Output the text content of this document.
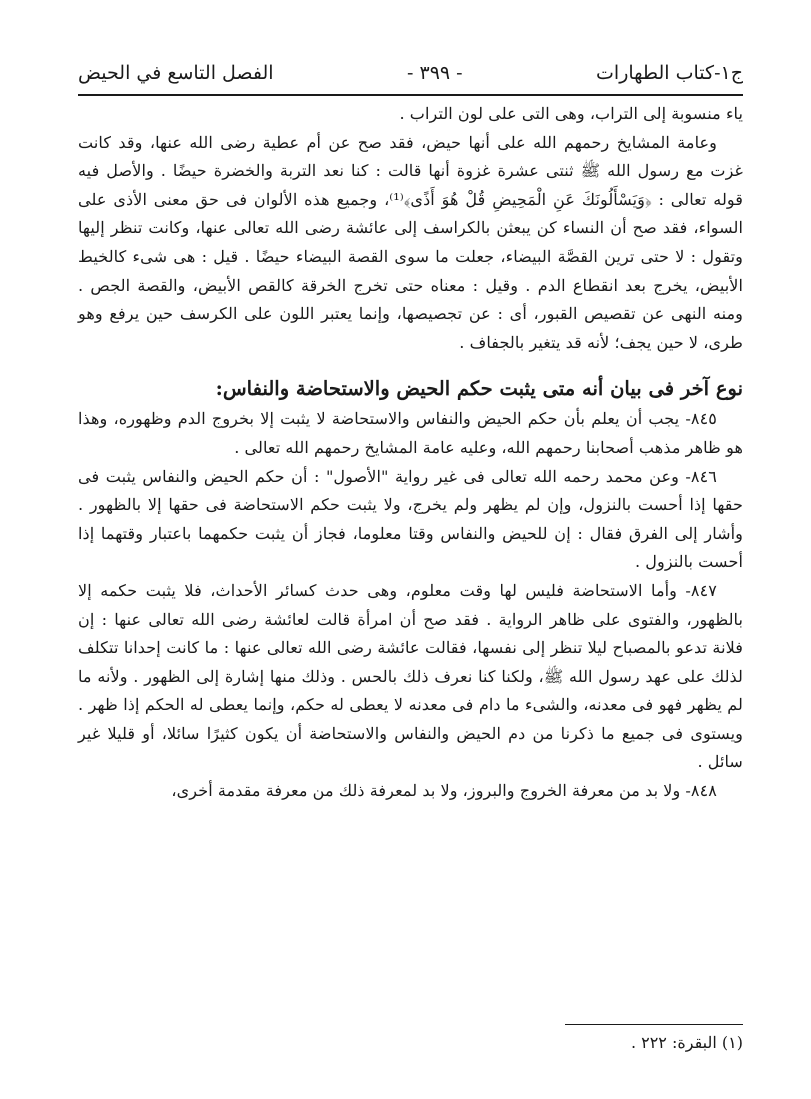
ج١-كتاب الطهارات
- ٣٩٩ -
الفصل التاسع في الحيض

ياء منسوبة إلى التراب، وهى التى على لون التراب .

وعامة المشايخ رحمهم الله على أنها حيض، فقد صح عن أم عطية رضى الله عنها، وقد كانت غزت مع رسول الله ﷺ ثنتى عشرة غزوة أنها قالت : كنا نعد التربة والخضرة حيضًا . والأصل فيه قوله تعالى : ﴿وَيَسْأَلُونَكَ عَنِ الْمَحِيضِ قُلْ هُوَ أَذًى﴾⁽¹⁾، وجميع هذه الألوان فى حق معنى الأذى على السواء، فقد صح أن النساء كن يبعثن بالكراسف إلى عائشة رضى الله تعالى عنها، وكانت تنظر إليها وتقول : لا حتى ترين القصَّة البيضاء، جعلت ما سوى القصة البيضاء حيضًا . قيل : هى شىء كالخيط الأبيض، يخرج بعد انقطاع الدم . وقيل : معناه حتى تخرج الخرقة كالقص الأبيض، والقصة الجص . ومنه النهى عن تقصيص القبور، أى : عن تجصيصها، وإنما يعتبر اللون على الكرسف حين يرفع وهو طرى، لا حين يجف؛ لأنه قد يتغير بالجفاف .

نوع آخر فى بيان أنه متى يثبت حكم الحيض والاستحاضة والنفاس:

٨٤٥- يجب أن يعلم بأن حكم الحيض والنفاس والاستحاضة لا يثبت إلا بخروج الدم وظهوره، وهذا هو ظاهر مذهب أصحابنا رحمهم الله، وعليه عامة المشايخ رحمهم الله تعالى .

٨٤٦- وعن محمد رحمه الله تعالى فى غير رواية "الأصول" : أن حكم الحيض والنفاس يثبت فى حقها إذا أحست بالنزول، وإن لم يظهر ولم يخرج، ولا يثبت حكم الاستحاضة فى حقها إلا بالظهور . وأشار إلى الفرق فقال : إن للحيض والنفاس وقتا معلوما، فجاز أن يثبت حكمهما باعتبار وقتهما إذا أحست بالنزول .

٨٤٧- وأما الاستحاضة فليس لها وقت معلوم، وهى حدث كسائر الأحداث، فلا يثبت حكمه إلا بالظهور، والفتوى على ظاهر الرواية . فقد صح أن امرأة قالت لعائشة رضى الله تعالى عنها : إن فلانة تدعو بالمصباح ليلا تنظر إلى نفسها، فقالت عائشة رضى الله تعالى عنها : ما كانت إحدانا تتكلف لذلك على عهد رسول الله ﷺ، ولكنا كنا نعرف ذلك بالحس . وذلك منها إشارة إلى الظهور . ولأنه ما لم يظهر فهو فى معدنه، والشىء ما دام فى معدنه لا يعطى له حكم، وإنما يعطى له الحكم إذا ظهر . ويستوى فى جميع ما ذكرنا من دم الحيض والنفاس والاستحاضة أن يكون كثيرًا سائلا، أو قليلا غير سائل .

٨٤٨- ولا بد من معرفة الخروج والبروز، ولا بد لمعرفة ذلك من معرفة مقدمة أخرى،

(١) البقرة: ٢٢٢ .
